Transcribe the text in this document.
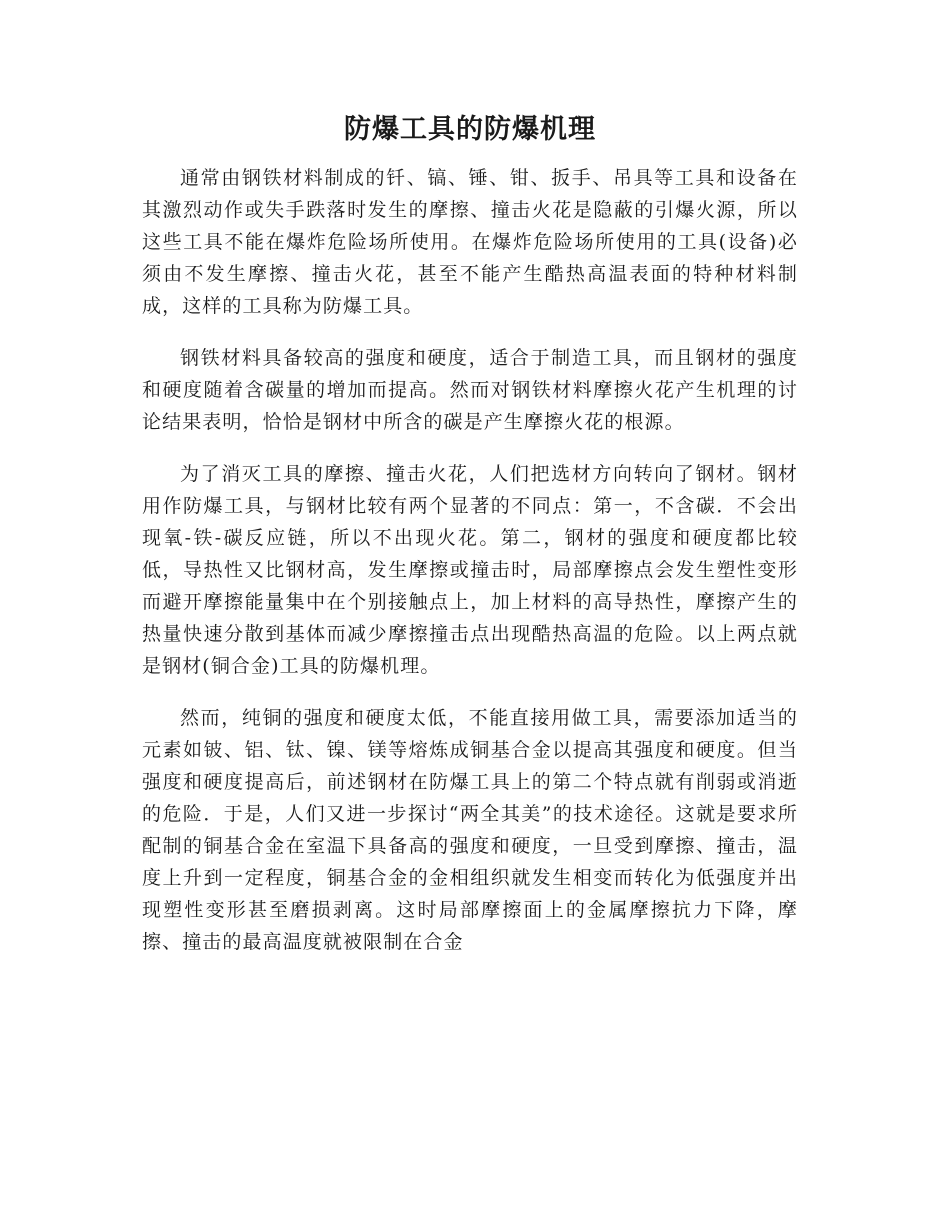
防爆工具的防爆机理

通常由钢铁材料制成的钎、镐、锤、钳、扳手、吊具等工具和设备在其激烈动作或失手跌落时发生的摩擦、撞击火花是隐蔽的引爆火源，所以这些工具不能在爆炸危险场所使用。在爆炸危险场所使用的工具(设备)必须由不发生摩擦、撞击火花，甚至不能产生酷热高温表面的特种材料制成，这样的工具称为防爆工具。

钢铁材料具备较高的强度和硬度，适合于制造工具，而且钢材的强度和硬度随着含碳量的增加而提高。然而对钢铁材料摩擦火花产生机理的讨论结果表明，恰恰是钢材中所含的碳是产生摩擦火花的根源。

为了消灭工具的摩擦、撞击火花，人们把选材方向转向了钢材。钢材用作防爆工具，与钢材比较有两个显著的不同点：第一，不含碳．不会出现氧-铁-碳反应链，所以不出现火花。第二，钢材的强度和硬度都比较低，导热性又比钢材高，发生摩擦或撞击时，局部摩擦点会发生塑性变形而避开摩擦能量集中在个别接触点上，加上材料的高导热性，摩擦产生的热量快速分散到基体而减少摩擦撞击点出现酷热高温的危险。以上两点就是钢材(铜合金)工具的防爆机理。

然而，纯铜的强度和硬度太低，不能直接用做工具，需要添加适当的元素如铍、铝、钛、镍、镁等熔炼成铜基合金以提高其强度和硬度。但当强度和硬度提高后，前述钢材在防爆工具上的第二个特点就有削弱或消逝的危险．于是，人们又进一步探讨“两全其美”的技术途径。这就是要求所配制的铜基合金在室温下具备高的强度和硬度，一旦受到摩擦、撞击，温度上升到一定程度，铜基合金的金相组织就发生相变而转化为低强度并出现塑性变形甚至磨损剥离。这时局部摩擦面上的金属摩擦抗力下降，摩擦、撞击的最高温度就被限制在合金
